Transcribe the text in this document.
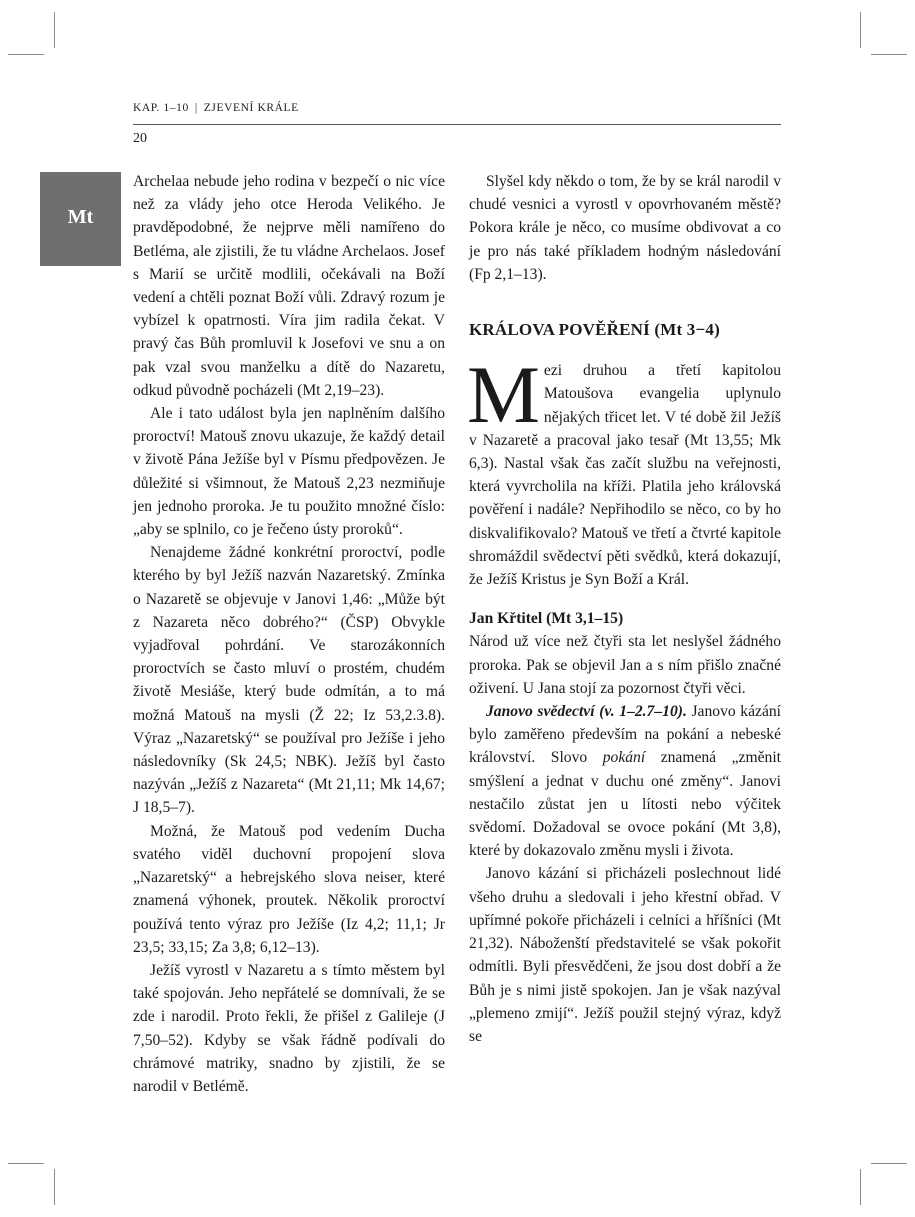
KAP. 1–10 | ZJEVENÍ KRÁLE
20
Mt

Archelaa nebude jeho rodina v bezpečí o nic více než za vlády jeho otce Heroda Velikého. Je pravděpodobné, že nejprve měli namířeno do Betléma, ale zjistili, že tu vládne Archelaos. Josef s Marií se určitě modlili, očekávali na Boží vedení a chtěli poznat Boží vůli. Zdravý rozum je vybízel k opatrnosti. Víra jim radila čekat. V pravý čas Bůh promluvil k Josefovi ve snu a on pak vzal svou manželku a dítě do Nazaretu, odkud původně pocházeli (Mt 2,19–23).

Ale i tato událost byla jen naplněním dalšího proroctví! Matouš znovu ukazuje, že každý detail v životě Pána Ježíše byl v Písmu předpovězen. Je důležité si všimnout, že Matouš 2,23 nezmiňuje jen jednoho proroka. Je tu použito množné číslo: „aby se splnilo, co je řečeno ústy proroků“.

Nenajdeme žádné konkrétní proroctví, podle kterého by byl Ježíš nazván Nazaretský. Zmínka o Nazaretě se objevuje v Janovi 1,46: „Může být z Nazareta něco dobrého?“ (ČSP) Obvykle vyjadřoval pohrdání. Ve starozákonních proroctvích se často mluví o prostém, chudém životě Mesiáše, který bude odmítán, a to má možná Matouš na mysli (Ž 22; Iz 53,2.3.8). Výraz „Nazaretský“ se používal pro Ježíše i jeho následovníky (Sk 24,5; NBK). Ježíš byl často nazýván „Ježíš z Nazareta“ (Mt 21,11; Mk 14,67; J 18,5–7).

Možná, že Matouš pod vedením Ducha svatého viděl duchovní propojení slova „Nazaretský“ a hebrejského slova neiser, které znamená výhonek, proutek. Několik proroctví používá tento výraz pro Ježíše (Iz 4,2; 11,1; Jr 23,5; 33,15; Za 3,8; 6,12–13).

Ježíš vyrostl v Nazaretu a s tímto městem byl také spojován. Jeho nepřátelé se domnívali, že se zde i narodil. Proto řekli, že přišel z Galileje (J 7,50–52). Kdyby se však řádně podívali do chrámové matriky, snadno by zjistili, že se narodil v Betlémě.

Slyšel kdy někdo o tom, že by se král narodil v chudé vesnici a vyrostl v opovrhovaném městě? Pokora krále je něco, co musíme obdivovat a co je pro nás také příkladem hodným následování (Fp 2,1–13).

KRÁLOVA POVĚŘENÍ (Mt 3−4)

Mezi druhou a třetí kapitolou Matoušova evangelia uplynulo nějakých třicet let. V té době žil Ježíš v Nazaretě a pracoval jako tesař (Mt 13,55; Mk 6,3). Nastal však čas začít službu na veřejnosti, která vyvrcholila na kříži. Platila jeho královská pověření i nadále? Nepřihodilo se něco, co by ho diskvalifikovalo? Matouš ve třetí a čtvrté kapitole shromáždil svědectví pěti svědků, která dokazují, že Ježíš Kristus je Syn Boží a Král.

Jan Křtitel (Mt 3,1–15)

Národ už více než čtyři sta let neslyšel žádného proroka. Pak se objevil Jan a s ním přišlo značné oživení. U Jana stojí za pozornost čtyři věci.

Janovo svědectví (v. 1–2.7–10). Janovo kázání bylo zaměřeno především na pokání a nebeské království. Slovo pokání znamená „změnit smýšlení a jednat v duchu oné změny“. Janovi nestačilo zůstat jen u lítosti nebo výčitek svědomí. Dožadoval se ovoce pokání (Mt 3,8), které by dokazovalo změnu mysli i života.

Janovo kázání si přicházeli poslechnout lidé všeho druhu a sledovali i jeho křestní obřad. V upřímné pokoře přicházeli i celníci a hříšníci (Mt 21,32). Náboženští představitelé se však pokořit odmítli. Byli přesvědčeni, že jsou dost dobří a že Bůh je s nimi jistě spokojen. Jan je však nazýval „plemeno zmijí“. Ježíš použil stejný výraz, když se
